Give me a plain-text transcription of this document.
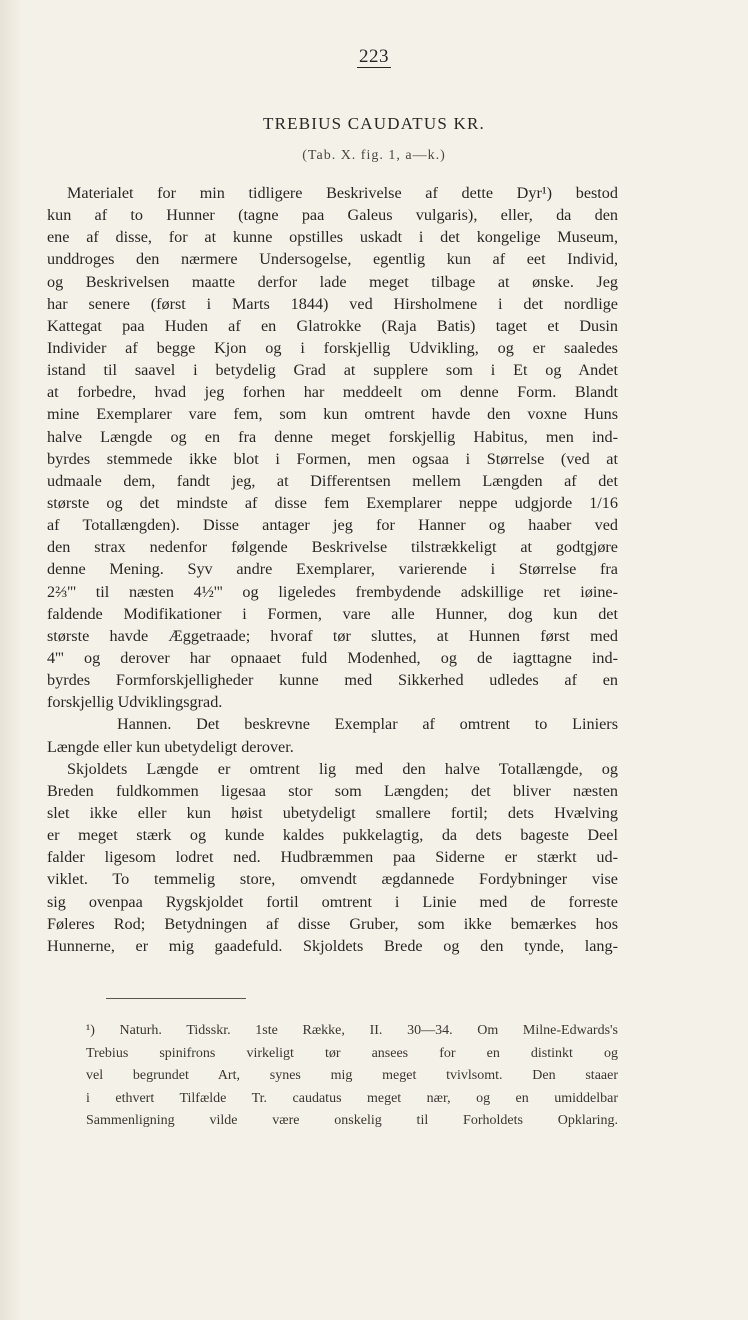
223
TREBIUS CAUDATUS KR.
(Tab. X. fig. 1, a—k.)
Materialet for min tidligere Beskrivelse af dette Dyr¹) bestod
kun af to Hunner (tagne paa Galeus vulgaris), eller, da den
ene af disse, for at kunne opstilles uskadt i det kongelige Museum,
unddroges den nærmere Undersogelse, egentlig kun af eet Individ,
og Beskrivelsen maatte derfor lade meget tilbage at ønske. Jeg
har senere (først i Marts 1844) ved Hirsholmene i det nordlige
Kattegat paa Huden af en Glatrokke (Raja Batis) taget et Dusin
Individer af begge Kjon og i forskjellig Udvikling, og er saaledes
istand til saavel i betydelig Grad at supplere som i Et og Andet
at forbedre, hvad jeg forhen har meddeelt om denne Form. Blandt
mine Exemplarer vare fem, som kun omtrent havde den voxne Huns
halve Længde og en fra denne meget forskjellig Habitus, men ind-
byrdes stemmede ikke blot i Formen, men ogsaa i Størrelse (ved at
udmaale dem, fandt jeg, at Differentsen mellem Længden af det
største og det mindste af disse fem Exemplarer neppe udgjorde 1/16
af Totallængden). Disse antager jeg for Hanner og haaber ved
den strax nedenfor følgende Beskrivelse tilstrækkeligt at godtgjøre
denne Mening. Syv andre Exemplarer, varierende i Størrelse fra
2⅔''' til næsten 4½''' og ligeledes frembydende adskillige ret iøine-
faldende Modifikationer i Formen, vare alle Hunner, dog kun det
største havde Æggetraade; hvoraf tør sluttes, at Hunnen først med
4''' og derover har opnaaet fuld Modenhed, og de iagttagne ind-
byrdes Formforskjelligheder kunne med Sikkerhed udledes af en
forskjellig Udviklingsgrad.
Hannen. Det beskrevne Exemplar af omtrent to Liniers
Længde eller kun ubetydeligt derover.
Skjoldets Længde er omtrent lig med den halve Totallængde, og
Breden fuldkommen ligesaa stor som Længden; det bliver næsten
slet ikke eller kun høist ubetydeligt smallere fortil; dets Hvælving
er meget stærk og kunde kaldes pukkelagtig, da dets bageste Deel
falder ligesom lodret ned. Hudbræmmen paa Siderne er stærkt ud-
viklet. To temmelig store, omvendt ægdannede Fordybninger vise
sig ovenpaa Rygskjoldet fortil omtrent i Linie med de forreste
Føleres Rod; Betydningen af disse Gruber, som ikke bemærkes hos
Hunnerne, er mig gaadefuld. Skjoldets Brede og den tynde, lang-
¹) Naturh. Tidsskr. 1ste Række, II. 30—34. Om Milne-Edwards's
Trebius spinifrons virkeligt tør ansees for en distinkt og
vel begrundet Art, synes mig meget tvivlsomt. Den staaer
i ethvert Tilfælde Tr. caudatus meget nær, og en umiddelbar
Sammenligning vilde være onskelig til Forholdets Opklaring.
